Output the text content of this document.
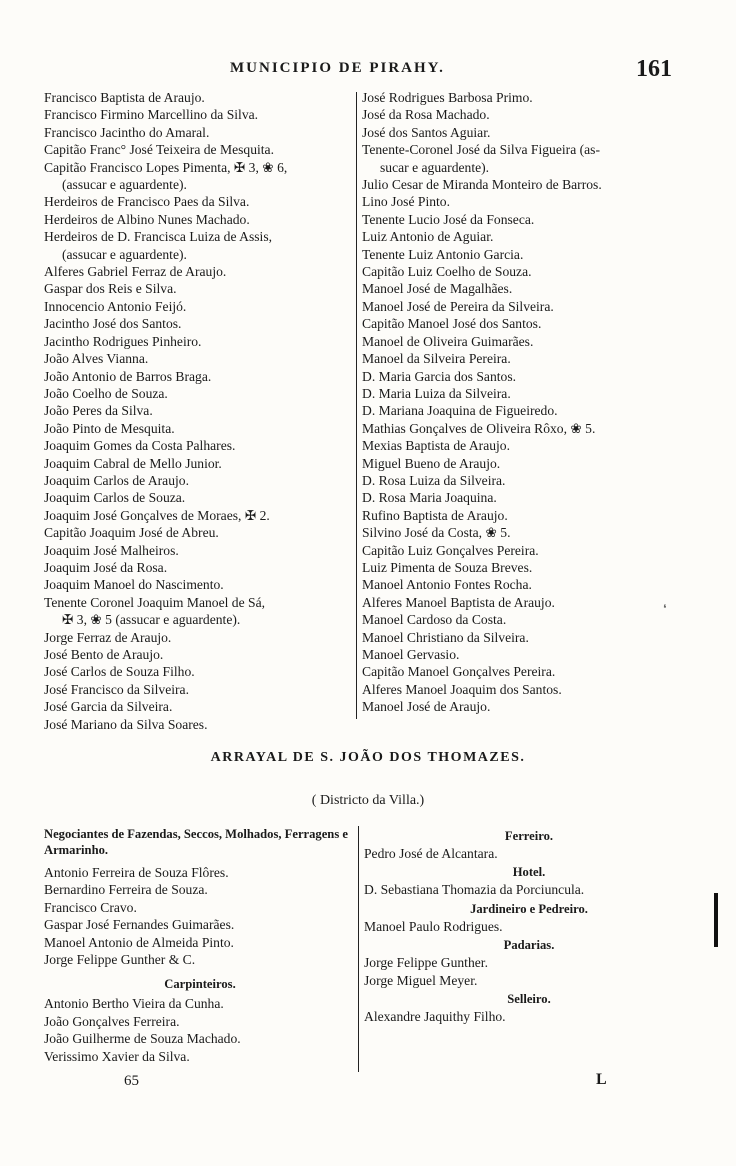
MUNICIPIO DE PIRAHY.	161
Francisco Baptista de Araujo.
Francisco Firmino Marcellino da Silva.
Francisco Jacintho do Amaral.
Capitão Franc° José Teixeira de Mesquita.
Capitão Francisco Lopes Pimenta, ✠ 3, ❀ 6,
(assucar e aguardente).
Herdeiros de Francisco Paes da Silva.
Herdeiros de Albino Nunes Machado.
Herdeiros de D. Francisca Luiza de Assis,
(assucar e aguardente).
Alferes Gabriel Ferraz de Araujo.
Gaspar dos Reis e Silva.
Innocencio Antonio Feijó.
Jacintho José dos Santos.
Jacintho Rodrigues Pinheiro.
João Alves Vianna.
João Antonio de Barros Braga.
João Coelho de Souza.
João Peres da Silva.
João Pinto de Mesquita.
Joaquim Gomes da Costa Palhares.
Joaquim Cabral de Mello Junior.
Joaquim Carlos de Araujo.
Joaquim Carlos de Souza.
Joaquim José Gonçalves de Moraes, ✠ 2.
Capitão Joaquim José de Abreu.
Joaquim José Malheiros.
Joaquim José da Rosa.
Joaquim Manoel do Nascimento.
Tenente Coronel Joaquim Manoel de Sá,
✠ 3, ❀ 5 (assucar e aguardente).
Jorge Ferraz de Araujo.
José Bento de Araujo.
José Carlos de Souza Filho.
José Francisco da Silveira.
José Garcia da Silveira.
José Mariano da Silva Soares.
José Rodrigues Barbosa Primo.
José da Rosa Machado.
José dos Santos Aguiar.
Tenente-Coronel José da Silva Figueira (as-
sucar e aguardente).
Julio Cesar de Miranda Monteiro de Barros.
Lino José Pinto.
Tenente Lucio José da Fonseca.
Luiz Antonio de Aguiar.
Tenente Luiz Antonio Garcia.
Capitão Luiz Coelho de Souza.
Manoel José de Magalhães.
Manoel José de Pereira da Silveira.
Capitão Manoel José dos Santos.
Manoel de Oliveira Guimarães.
Manoel da Silveira Pereira.
D. Maria Garcia dos Santos.
D. Maria Luiza da Silveira.
D. Mariana Joaquina de Figueiredo.
Mathias Gonçalves de Oliveira Rôxo, ❀ 5.
Mexias Baptista de Araujo.
Miguel Bueno de Araujo.
D. Rosa Luiza da Silveira.
D. Rosa Maria Joaquina.
Rufino Baptista de Araujo.
Silvino José da Costa, ❀ 5.
Capitão Luiz Gonçalves Pereira.
Luiz Pimenta de Souza Breves.
Manoel Antonio Fontes Rocha.
Alferes Manoel Baptista de Araujo.
Manoel Cardoso da Costa.
Manoel Christiano da Silveira.
Manoel Gervasio.
Capitão Manoel Gonçalves Pereira.
Alferes Manoel Joaquim dos Santos.
Manoel José de Araujo.
❛
ARRAYAL DE S. JOÃO DOS THOMAZES.
( Districto da Villa.)
Negociantes de Fazendas, Seccos, Molhados, Ferragens e Armarinho.
Antonio Ferreira de Souza Flôres.
Bernardino Ferreira de Souza.
Francisco Cravo.
Gaspar José Fernandes Guimarães.
Manoel Antonio de Almeida Pinto.
Jorge Felippe Gunther & C.
Carpinteiros.
Antonio Bertho Vieira da Cunha.
João Gonçalves Ferreira.
João Guilherme de Souza Machado.
Verissimo Xavier da Silva.
Ferreiro.
Pedro José de Alcantara.
Hotel.
D. Sebastiana Thomazia da Porciuncula.
Jardineiro e Pedreiro.
Manoel Paulo Rodrigues.
Padarias.
Jorge Felippe Gunther.
Jorge Miguel Meyer.
Selleiro.
Alexandre Jaquithy Filho.
65	L
